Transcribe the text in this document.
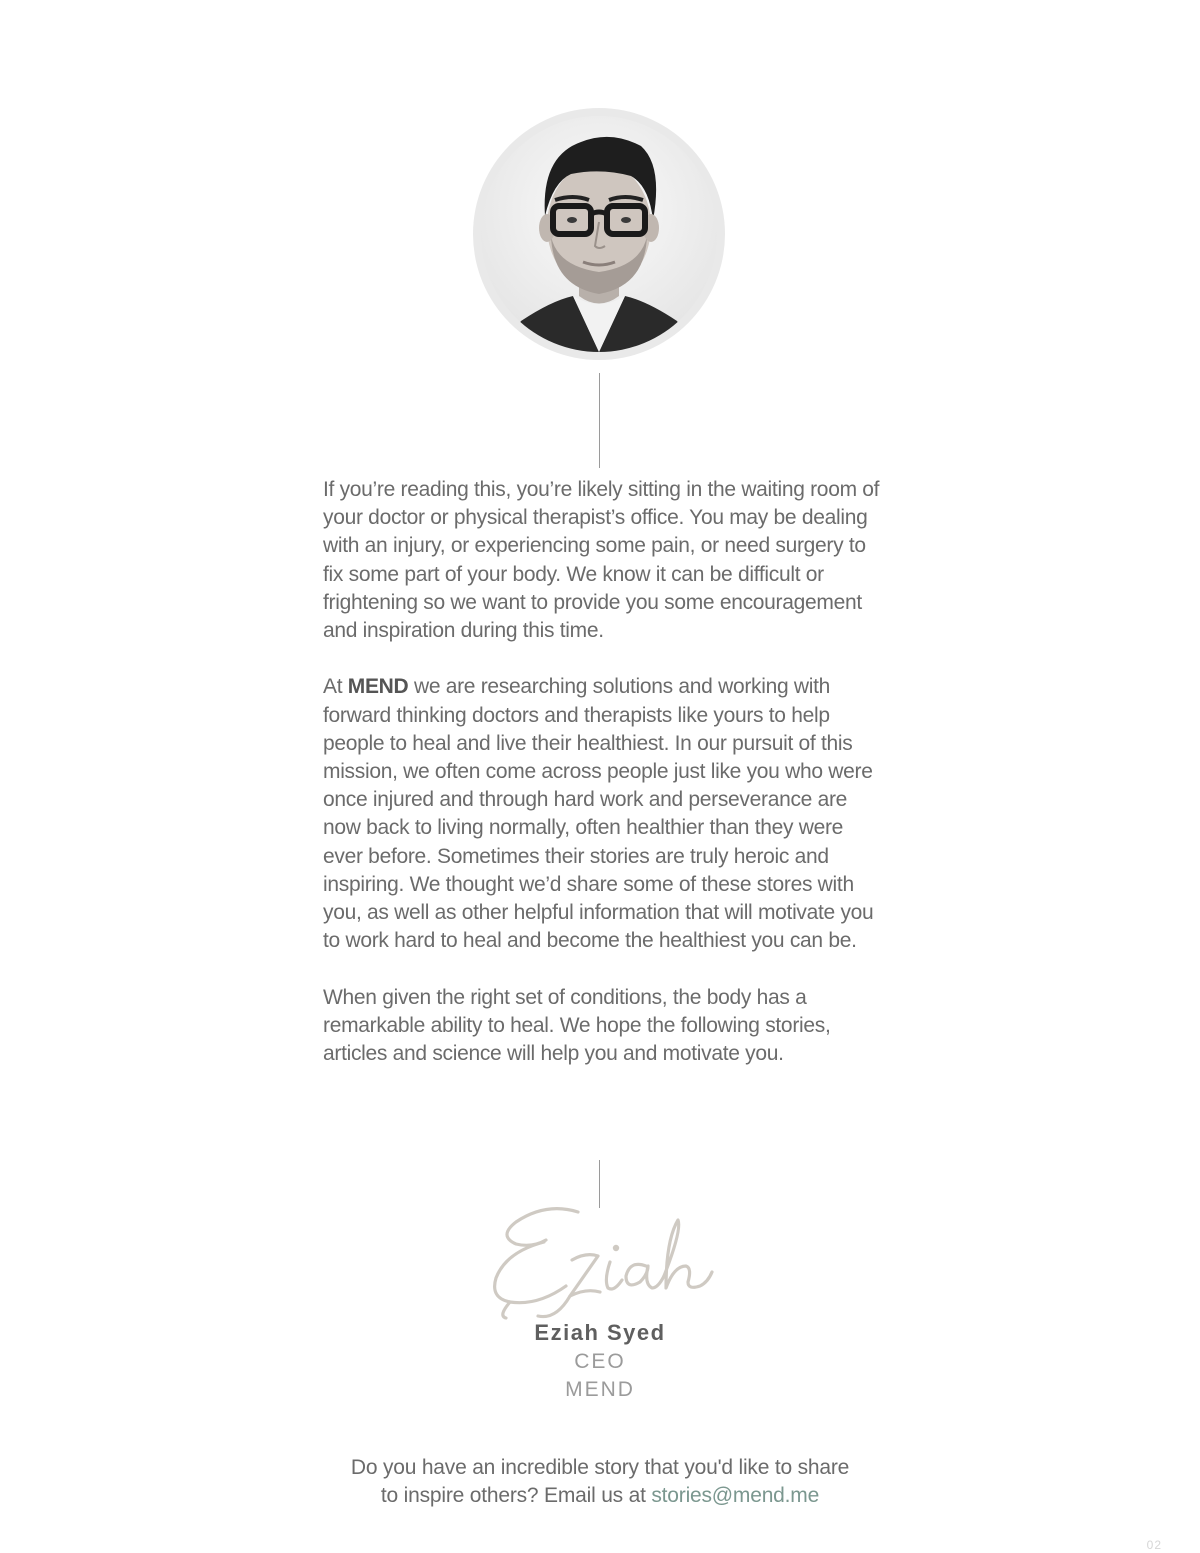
If you’re reading this, you’re likely sitting in the waiting room of your doctor or physical therapist’s office. You may be dealing with an injury, or experiencing some pain, or need surgery to fix some part of your body. We know it can be difficult or frightening so we want to provide you some encouragement and inspiration during this time.

At MEND we are researching solutions and working with forward thinking doctors and therapists like yours to help people to heal and live their healthiest. In our pursuit of this mission, we often come across people just like you who were once injured and through hard work and perseverance are now back to living normally, often healthier than they were ever before. Sometimes their stories are truly heroic and inspiring. We thought we’d share some of these stores with you, as well as other helpful information that will motivate you to work hard to heal and become the healthiest you can be.

When given the right set of conditions, the body has a remarkable ability to heal. We hope the following stories, articles and science will help you and motivate you.

Eziah
Eziah Syed
CEO
MEND
Do you have an incredible story that you'd like to share
to inspire others? Email us at stories@mend.me
02
